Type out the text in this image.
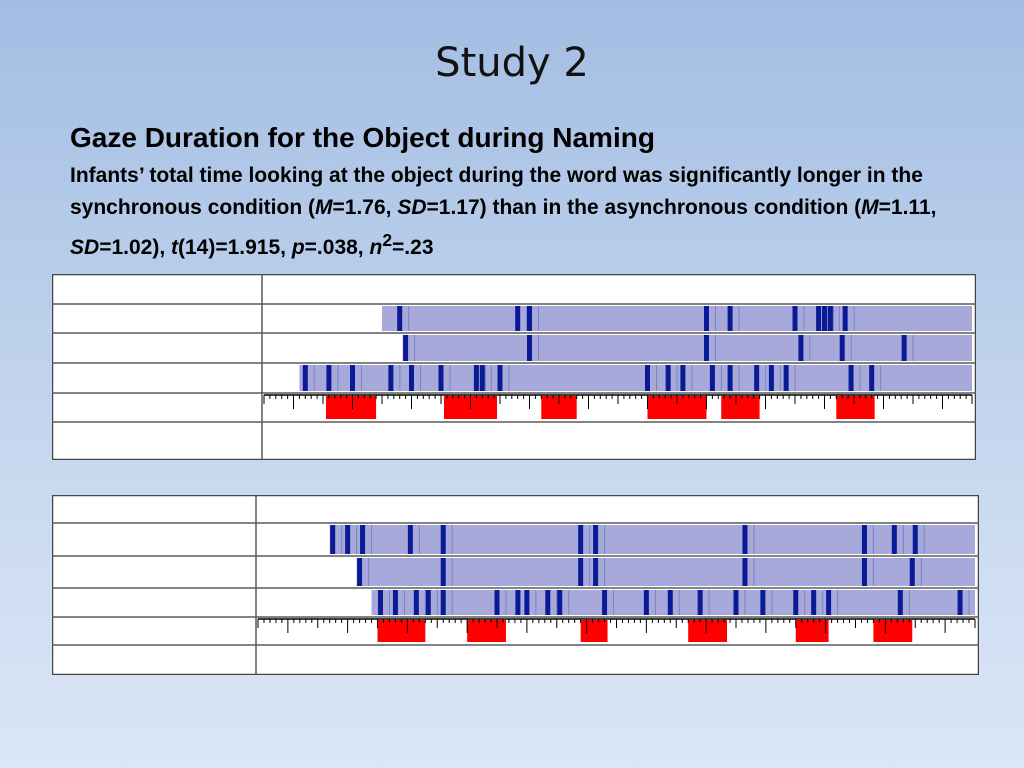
Study 2
Gaze Duration for the Object during Naming
Infants’ total time looking at the object during the word was significantly longer in the synchronous condition (M=1.76, SD=1.17) than in the asynchronous condition (M=1.11, SD=1.02), t(14)=1.915, p=.038, $n^2=.23$
